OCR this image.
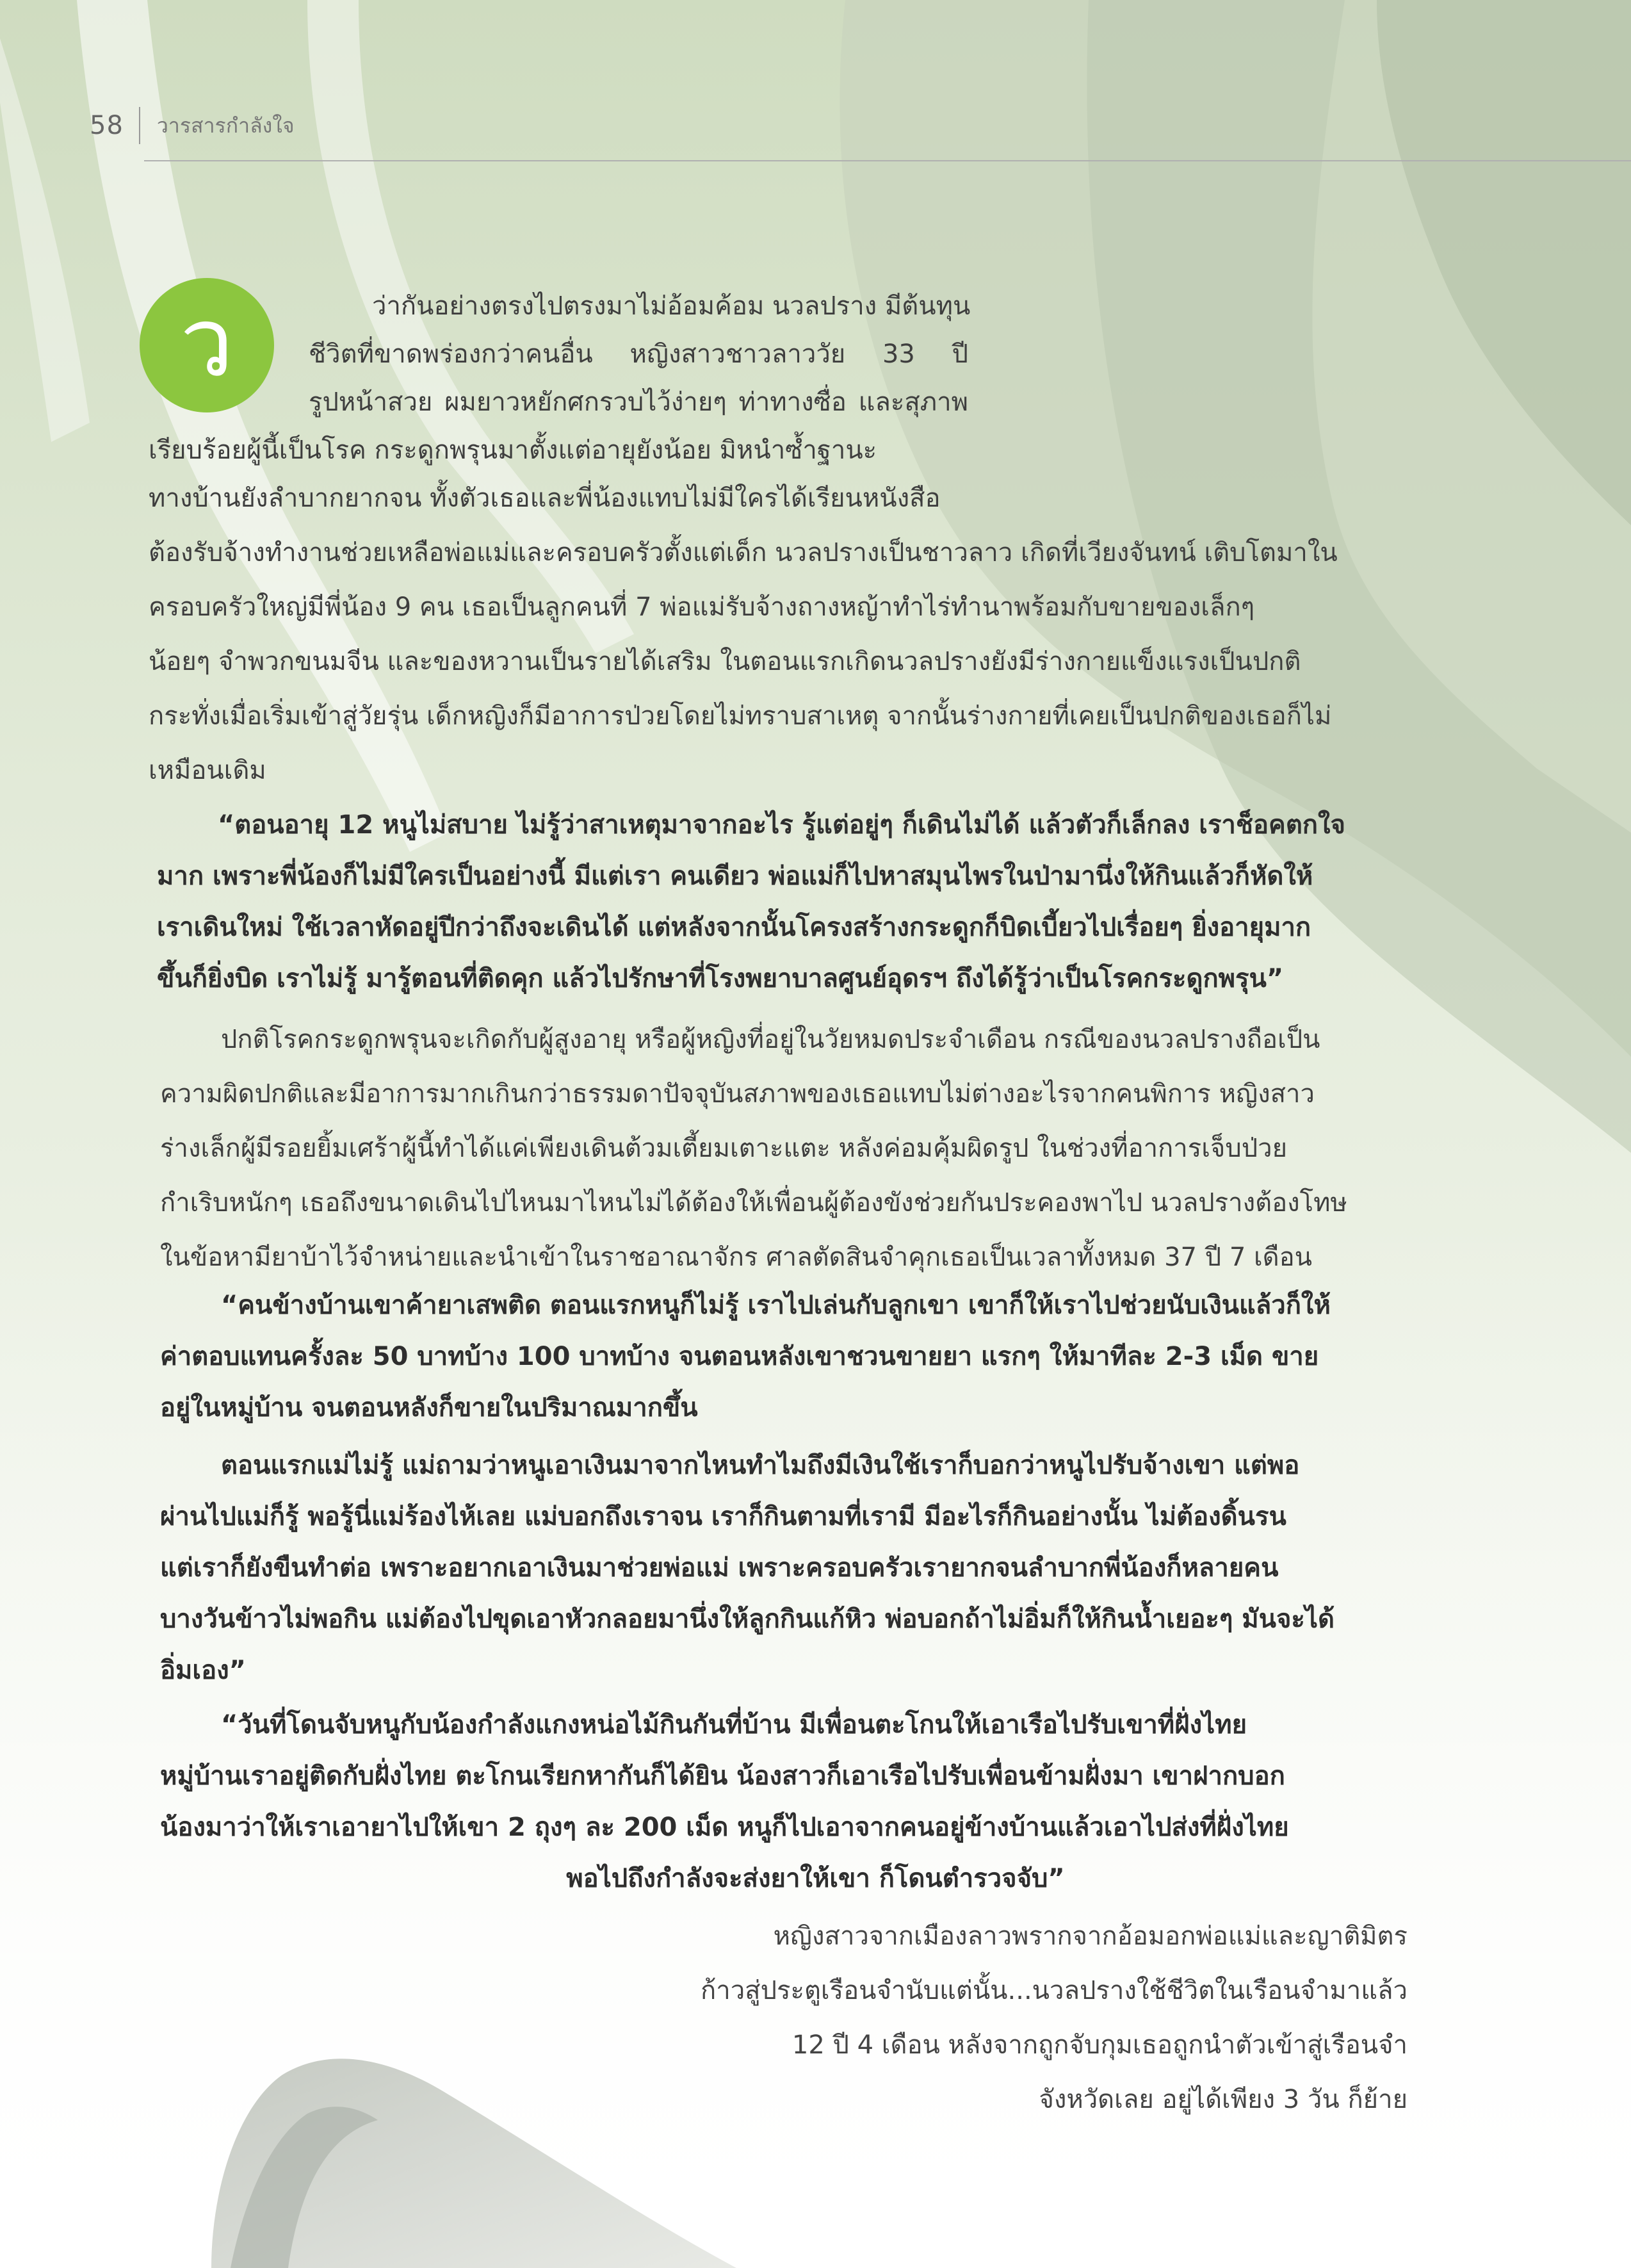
58 วารสารกำลังใจ
ว	ว่ากันอย่างตรงไปตรงมาไม่อ้อมค้อม นวลปราง มีต้นทุน
ชีวิตที่ขาดพร่องกว่าคนอื่น หญิงสาวชาวลาววัย 33 ปี
รูปหน้าสวย ผมยาวหยักศกรวบไว้ง่ายๆ ท่าทางซื่อ และสุภาพ
เรียบร้อยผู้นี้เป็นโรค กระดูกพรุนมาตั้งแต่อายุยังน้อย มิหนำซ้ำฐานะ
ทางบ้านยังลำบากยากจน ทั้งตัวเธอและพี่น้องแทบไม่มีใครได้เรียนหนังสือ
ต้องรับจ้างทำงานช่วยเหลือพ่อแม่และครอบครัวตั้งแต่เด็ก นวลปรางเป็นชาวลาว เกิดที่เวียงจันทน์ เติบโตมาใน
ครอบครัวใหญ่มีพี่น้อง 9 คน เธอเป็นลูกคนที่ 7 พ่อแม่รับจ้างถางหญ้าทำไร่ทำนาพร้อมกับขายของเล็กๆ
น้อยๆ จำพวกขนมจีน และของหวานเป็นรายได้เสริม ในตอนแรกเกิดนวลปรางยังมีร่างกายแข็งแรงเป็นปกติ
กระทั่งเมื่อเริ่มเข้าสู่วัยรุ่น เด็กหญิงก็มีอาการป่วยโดยไม่ทราบสาเหตุ จากนั้นร่างกายที่เคยเป็นปกติของเธอก็ไม่
เหมือนเดิม
“ตอนอายุ 12 หนูไม่สบาย ไม่รู้ว่าสาเหตุมาจากอะไร รู้แต่อยู่ๆ ก็เดินไม่ได้ แล้วตัวก็เล็กลง เราช็อคตกใจ
มาก เพราะพี่น้องก็ไม่มีใครเป็นอย่างนี้ มีแต่เรา คนเดียว พ่อแม่ก็ไปหาสมุนไพรในป่ามานึ่งให้กินแล้วก็หัดให้
เราเดินใหม่ ใช้เวลาหัดอยู่ปีกว่าถึงจะเดินได้ แต่หลังจากนั้นโครงสร้างกระดูกก็บิดเบี้ยวไปเรื่อยๆ ยิ่งอายุมาก
ขึ้นก็ยิ่งบิด เราไม่รู้ มารู้ตอนที่ติดคุก แล้วไปรักษาที่โรงพยาบาลศูนย์อุดรฯ ถึงได้รู้ว่าเป็นโรคกระดูกพรุน”
ปกติโรคกระดูกพรุนจะเกิดกับผู้สูงอายุ หรือผู้หญิงที่อยู่ในวัยหมดประจำเดือน กรณีของนวลปรางถือเป็น
ความผิดปกติและมีอาการมากเกินกว่าธรรมดาปัจจุบันสภาพของเธอแทบไม่ต่างอะไรจากคนพิการ หญิงสาว
ร่างเล็กผู้มีรอยยิ้มเศร้าผู้นี้ทำได้แค่เพียงเดินต้วมเตี้ยมเตาะแตะ หลังค่อมคุ้มผิดรูป ในช่วงที่อาการเจ็บป่วย
กำเริบหนักๆ เธอถึงขนาดเดินไปไหนมาไหนไม่ได้ต้องให้เพื่อนผู้ต้องขังช่วยกันประคองพาไป นวลปรางต้องโทษ
ในข้อหามียาบ้าไว้จำหน่ายและนำเข้าในราชอาณาจักร ศาลตัดสินจำคุกเธอเป็นเวลาทั้งหมด 37 ปี 7 เดือน
“คนข้างบ้านเขาค้ายาเสพติด ตอนแรกหนูก็ไม่รู้ เราไปเล่นกับลูกเขา เขาก็ให้เราไปช่วยนับเงินแล้วก็ให้
ค่าตอบแทนครั้งละ 50 บาทบ้าง 100 บาทบ้าง จนตอนหลังเขาชวนขายยา แรกๆ ให้มาทีละ 2-3 เม็ด ขาย
อยู่ในหมู่บ้าน จนตอนหลังก็ขายในปริมาณมากขึ้น
ตอนแรกแม่ไม่รู้ แม่ถามว่าหนูเอาเงินมาจากไหนทำไมถึงมีเงินใช้เราก็บอกว่าหนูไปรับจ้างเขา แต่พอ
ผ่านไปแม่ก็รู้ พอรู้นี่แม่ร้องไห้เลย แม่บอกถึงเราจน เราก็กินตามที่เรามี มีอะไรก็กินอย่างนั้น ไม่ต้องดิ้นรน
แต่เราก็ยังขืนทำต่อ เพราะอยากเอาเงินมาช่วยพ่อแม่ เพราะครอบครัวเรายากจนลำบากพี่น้องก็หลายคน
บางวันข้าวไม่พอกิน แม่ต้องไปขุดเอาหัวกลอยมานึ่งให้ลูกกินแก้หิว พ่อบอกถ้าไม่อิ่มก็ให้กินน้ำเยอะๆ มันจะได้
อิ่มเอง”
“วันที่โดนจับหนูกับน้องกำลังแกงหน่อไม้กินกันที่บ้าน มีเพื่อนตะโกนให้เอาเรือไปรับเขาที่ฝั่งไทย
หมู่บ้านเราอยู่ติดกับฝั่งไทย ตะโกนเรียกหากันก็ได้ยิน น้องสาวก็เอาเรือไปรับเพื่อนข้ามฝั่งมา เขาฝากบอก
น้องมาว่าให้เราเอายาไปให้เขา 2 ถุงๆ ละ 200 เม็ด หนูก็ไปเอาจากคนอยู่ข้างบ้านแล้วเอาไปส่งที่ฝั่งไทย
พอไปถึงกำลังจะส่งยาให้เขา ก็โดนตำรวจจับ”
หญิงสาวจากเมืองลาวพรากจากอ้อมอกพ่อแม่และญาติมิตร
ก้าวสู่ประตูเรือนจำนับแต่นั้น...นวลปรางใช้ชีวิตในเรือนจำมาแล้ว
12 ปี 4 เดือน หลังจากถูกจับกุมเธอถูกนำตัวเข้าสู่เรือนจำ
จังหวัดเลย อยู่ได้เพียง 3 วัน ก็ย้าย
